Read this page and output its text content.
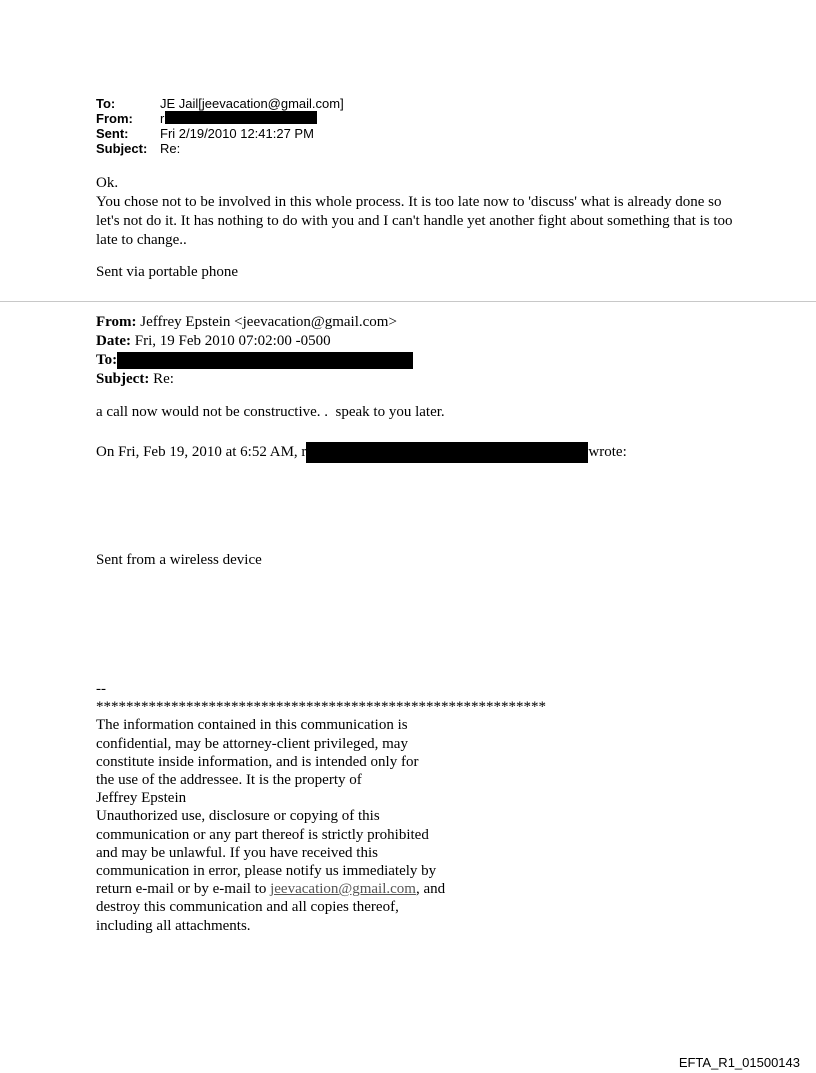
To:	JE Jail[jeevacation@gmail.com]
From:	r
Sent:	Fri 2/19/2010 12:41:27 PM
Subject: Re:

Ok.

You chose not to be involved in this whole process. It is too late now to 'discuss' what is already done so let's not do it. It has nothing to do with you and I can't handle yet another fight about something that is too late to change..

Sent via portable phone
From: Jeffrey Epstein <jeevacation@gmail.com>
Date: Fri, 19 Feb 2010 07:02:00 -0500
To:
Subject: Re:
a call now would not be constructive. .  speak to you later.
On Fri, Feb 19, 2010 at 6:52 AM, r	wrote:
Sent from a wireless device
--
************************************************************
The information contained in this communication is
confidential, may be attorney-client privileged, may
constitute inside information, and is intended only for
the use of the addressee. It is the property of
Jeffrey Epstein
Unauthorized use, disclosure or copying of this
communication or any part thereof is strictly prohibited
and may be unlawful. If you have received this
communication in error, please notify us immediately by
return e-mail or by e-mail to jeevacation@gmail.com, and
destroy this communication and all copies thereof,
including all attachments.
EFTA_R1_01500143
